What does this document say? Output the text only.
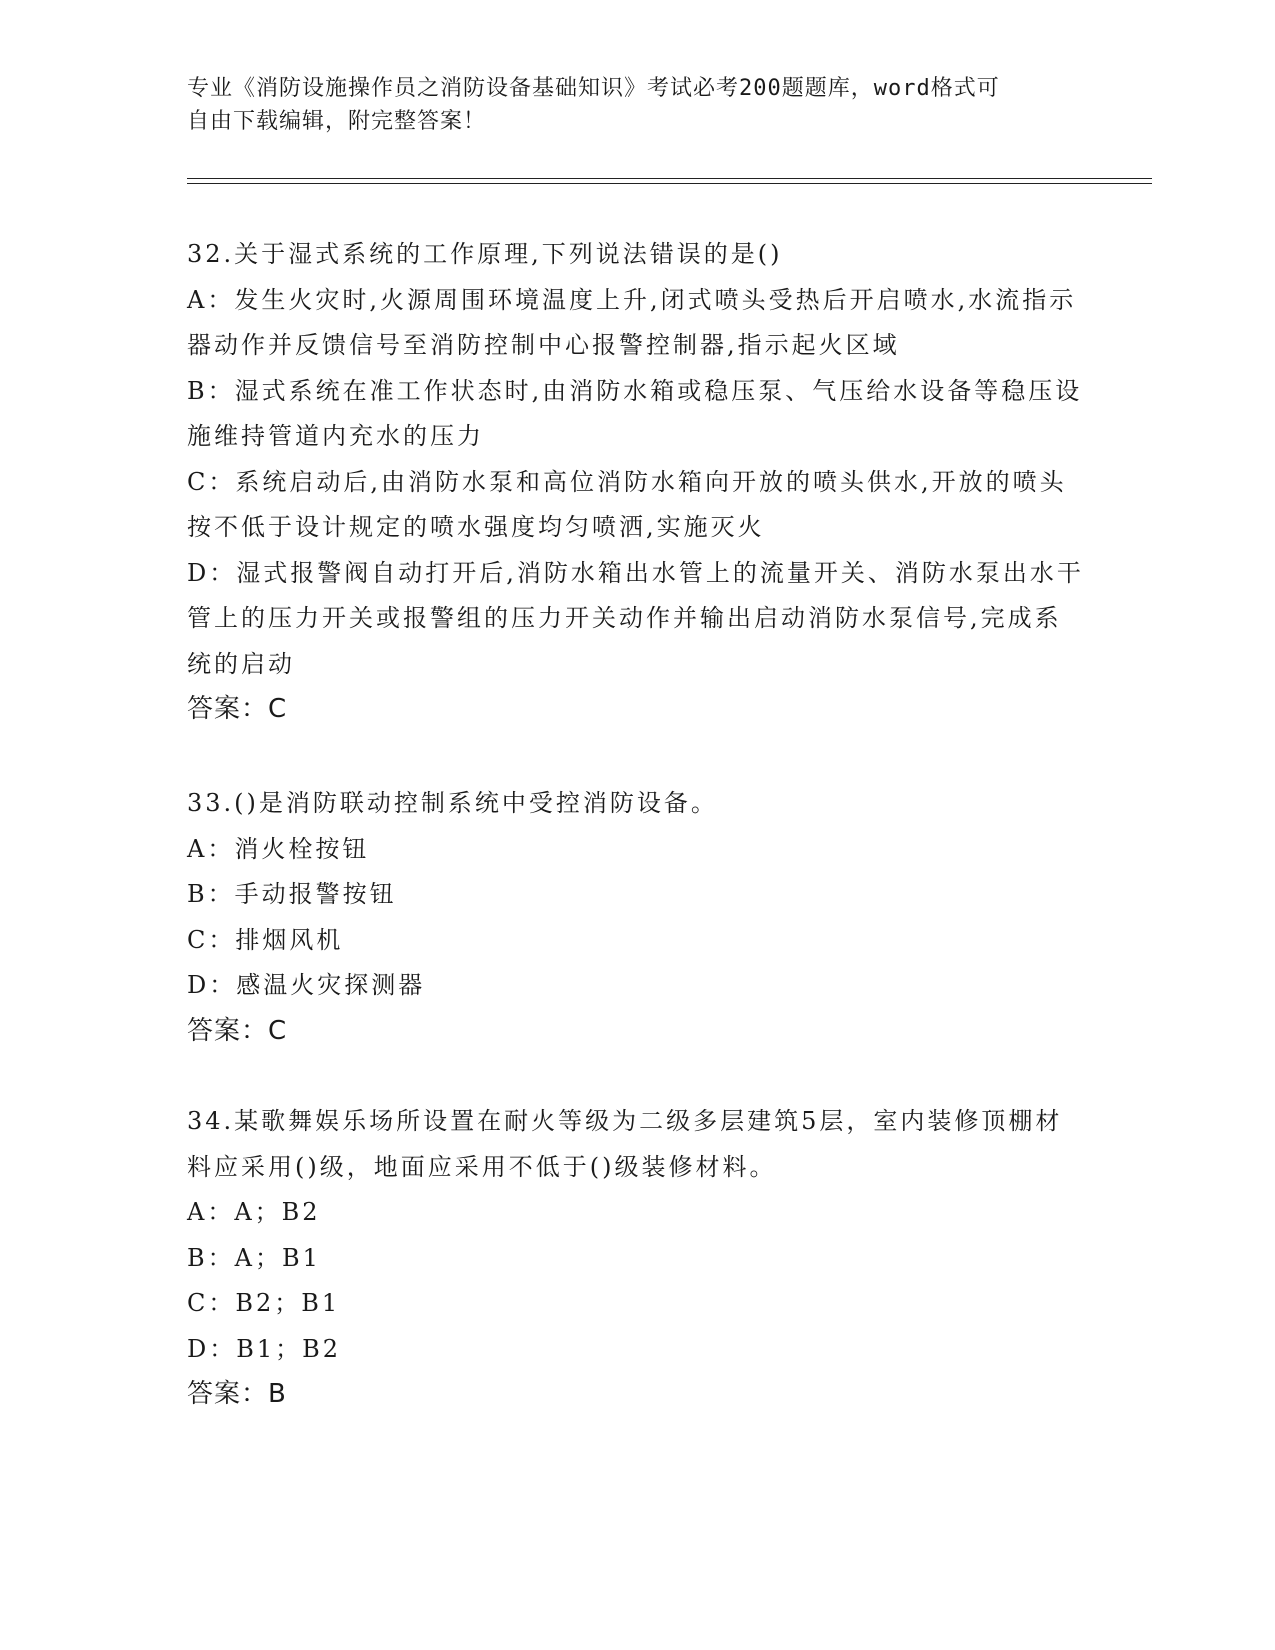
专业《消防设施操作员之消防设备基础知识》考试必考200题题库，word格式可
自由下载编辑，附完整答案！
32.关于湿式系统的工作原理,下列说法错误的是()
A：发生火灾时,火源周围环境温度上升,闭式喷头受热后开启喷水,水流指示器动作并反馈信号至消防控制中心报警控制器,指示起火区域
B：湿式系统在准工作状态时,由消防水箱或稳压泵、气压给水设备等稳压设施维持管道内充水的压力
C：系统启动后,由消防水泵和高位消防水箱向开放的喷头供水,开放的喷头按不低于设计规定的喷水强度均匀喷洒,实施灭火
D：湿式报警阀自动打开后,消防水箱出水管上的流量开关、消防水泵出水干管上的压力开关或报警组的压力开关动作并输出启动消防水泵信号,完成系统的启动
答案：C
33.()是消防联动控制系统中受控消防设备。
A：消火栓按钮
B：手动报警按钮
C：排烟风机
D：感温火灾探测器
答案：C
34.某歌舞娱乐场所设置在耐火等级为二级多层建筑5层，室内装修顶棚材料应采用()级，地面应采用不低于()级装修材料。
A：A；B2
B：A；B1
C：B2；B1
D：B1；B2
答案：B
